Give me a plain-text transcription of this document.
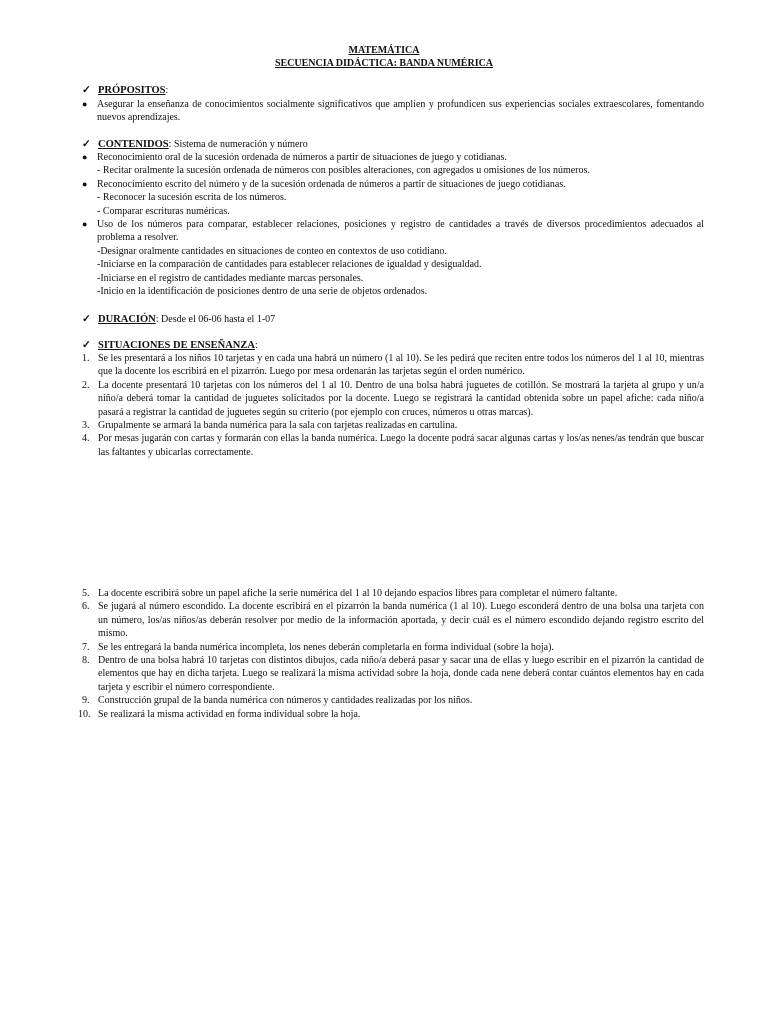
MATEMÁTICA
SECUENCIA DIDÁCTICA: BANDA NUMÉRICA
✓ PRÓPOSITOS:
● Asegurar la enseñanza de conocimientos socialmente significativos que amplíen y profundicen sus experiencias sociales extraescolares, fomentando nuevos aprendizajes.
✓ CONTENIDOS: Sistema de numeración y número
● Reconocimiento oral de la sucesión ordenada de números a partir de situaciones de juego y cotidianas.
- Recitar oralmente la sucesión ordenada de números con posibles alteraciones, con agregados u omisiones de los números.
● Reconocimiento escrito del número y de la sucesión ordenada de números a partir de situaciones de juego cotidianas.
- Reconocer la sucesión escrita de los números.
- Comparar escrituras numéricas.
● Uso de los números para comparar, establecer relaciones, posiciones y registro de cantidades a través de diversos procedimientos adecuados al problema a resolver.
-Designar oralmente cantidades en situaciones de conteo en contextos de uso cotidiano.
-Iniciarse en la comparación de cantidades para establecer relaciones de igualdad y desigualdad.
-Iniciarse en el registro de cantidades mediante marcas personales.
-Inicio en la identificación de posiciones dentro de una serie de objetos ordenados.
✓ DURACIÓN: Desde el 06-06 hasta el 1-07
✓ SITUACIONES DE ENSEÑANZA:
1. Se les presentará a los niños 10 tarjetas y en cada una habrá un número (1 al 10). Se les pedirá que reciten entre todos los números del 1 al 10, mientras que la docente los escribirá en el pizarrón. Luego por mesa ordenarán las tarjetas según el orden numérico.
2. La docente presentará 10 tarjetas con los números del 1 al 10. Dentro de una bolsa habrá juguetes de cotillón. Se mostrará la tarjeta al grupo y un/a niño/a deberá tomar la cantidad de juguetes solicitados por la docente. Luego se registrará la cantidad obtenida sobre un papel afiche: cada niño/a pasará a registrar la cantidad de juguetes según su criterio (por ejemplo con cruces, números u otras marcas).
3. Grupalmente se armará la banda numérica para la sala con tarjetas realizadas en cartulina.
4. Por mesas jugarán con cartas y formarán con ellas la banda numérica. Luego la docente podrá sacar algunas cartas y los/as nenes/as tendrán que buscar las faltantes y ubicarlas correctamente.
5. La docente escribirá sobre un papel afiche la serie numérica del 1 al 10 dejando espacios libres para completar el número faltante.
6. Se jugará al número escondido. La docente escribirá en el pizarrón la banda numérica (1 al 10). Luego esconderá dentro de una bolsa una tarjeta con un número, los/as niños/as deberán resolver por medio de la información aportada, y decir cuál es el número escondido dejando registro escrito del mismo.
7. Se les entregará la banda numérica incompleta, los nenes deberán completarla en forma individual (sobre la hoja).
8. Dentro de una bolsa habrá 10 tarjetas con distintos dibujos, cada niño/a deberá pasar y sacar una de ellas y luego escribir en el pizarrón la cantidad de elementos que hay en dicha tarjeta. Luego se realizará la misma actividad sobre la hoja, donde cada nene deberá contar cuántos elementos hay en cada tarjeta y escribir el número correspondiente.
9. Construcción grupal de la banda numérica con números y cantidades realizadas por los niños.
10. Se realizará la misma actividad en forma individual sobre la hoja.
